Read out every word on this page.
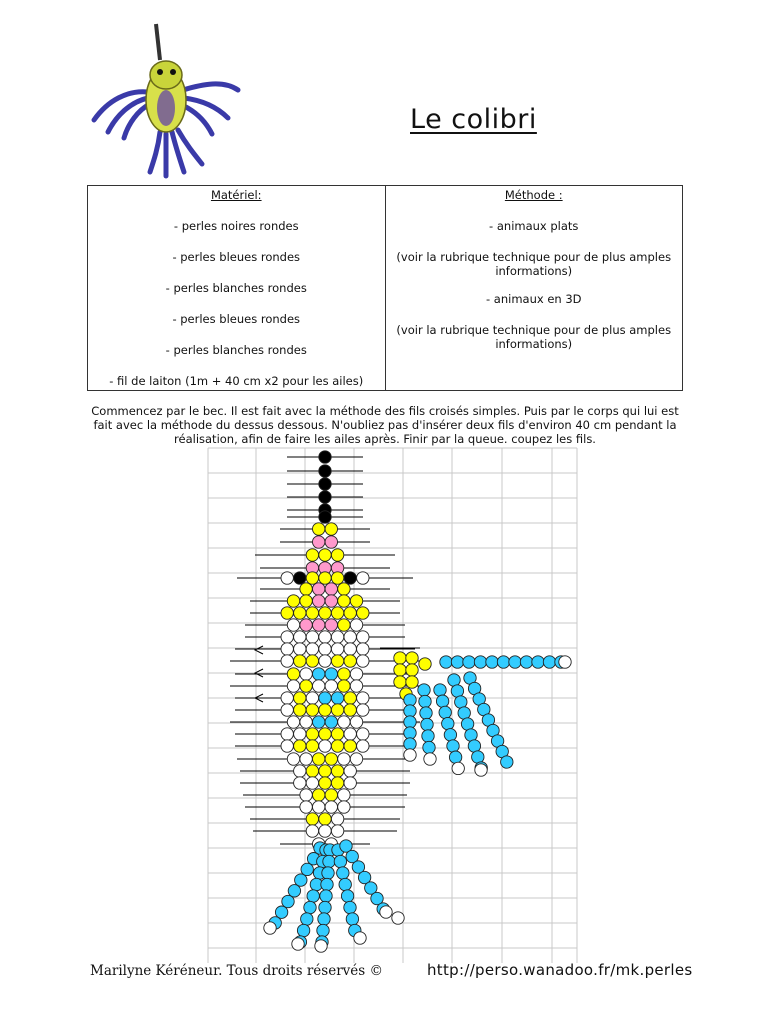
Le colibri
Matériel:
- perles noires rondes
- perles bleues rondes
- perles blanches rondes
- perles bleues rondes
- perles blanches rondes
- fil de laiton (1m + 40 cm x2 pour les ailes)

Méthode :
- animaux plats
(voir la rubrique technique pour de plus amples informations)
- animaux en 3D
(voir la rubrique technique pour de plus amples informations)
Commencez par le bec. Il est fait avec la méthode des fils croisés simples. Puis par le corps qui lui est fait avec la méthode du dessus dessous. N'oubliez pas d'insérer deux fils d'environ 40 cm pendant la réalisation, afin de faire les ailes après. Finir par la queue. coupez les fils.
Marilyne Kéréneur. Tous droits réservés ©	http://perso.wanadoo.fr/mk.perles
